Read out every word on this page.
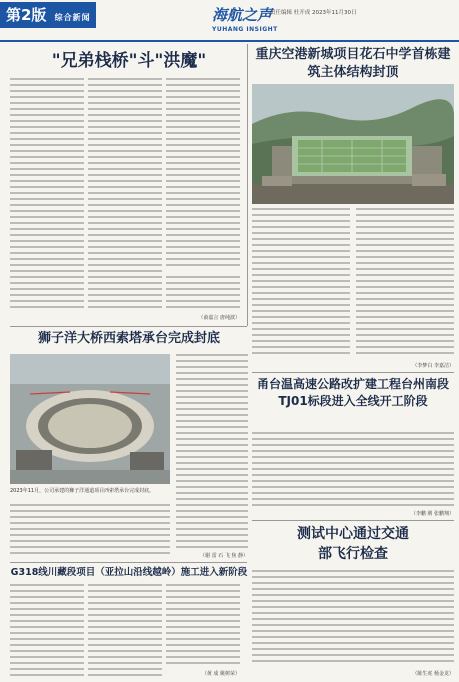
第2版 综合新闻	海航之声
-责任编辑 杜开成 2023年11月30日
YUHANG INSIGHT
"兄弟栈桥"斗"洪魔"
（俞嘉言 唐纯波）
重庆空港新城项目花石中学首栋建筑主体结构封顶
（李梦白 李嘉洁）
狮子洋大桥西索塔承台完成封底
2023年11月，公司承建的狮子洋通道项目西索塔承台完成封底。
（谢 雷 石 飞 焦 静）
甬台温高速公路改扩建工程台州南段TJ01标段进入全线开工阶段
（李鹏 荆 张鹏翔）
G318线川藏段项目（亚拉山沿线越岭）施工进入新阶段
（黄 成 姚树荣）
测试中心通过交通部飞行检查
（陈生虎 杨金龙）
